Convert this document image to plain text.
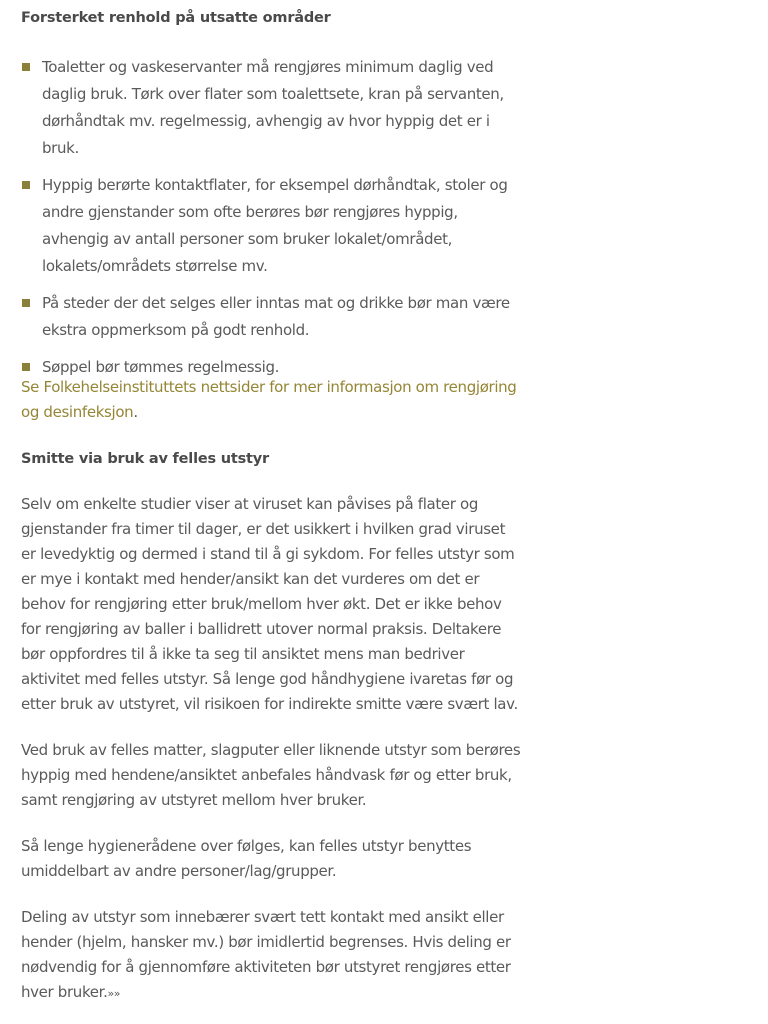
Forsterket renhold på utsatte områder
Toaletter og vaskeservanter må rengjøres minimum daglig ved daglig bruk. Tørk over flater som toalettsete, kran på servanten, dørhåndtak mv. regelmessig, avhengig av hvor hyppig det er i bruk.
Hyppig berørte kontaktflater, for eksempel dørhåndtak, stoler og andre gjenstander som ofte berøres bør rengjøres hyppig, avhengig av antall personer som bruker lokalet/området, lokalets/områdets størrelse mv.
På steder der det selges eller inntas mat og drikke bør man være ekstra oppmerksom på godt renhold.
Søppel bør tømmes regelmessig.

Se Folkehelseinstituttets nettsider for mer informasjon om rengjøring og desinfeksjon.

Smitte via bruk av felles utstyr

Selv om enkelte studier viser at viruset kan påvises på flater og gjenstander fra timer til dager, er det usikkert i hvilken grad viruset er levedyktig og dermed i stand til å gi sykdom. For felles utstyr som er mye i kontakt med hender/ansikt kan det vurderes om det er behov for rengjøring etter bruk/mellom hver økt. Det er ikke behov for rengjøring av baller i ballidrett utover normal praksis. Deltakere bør oppfordres til å ikke ta seg til ansiktet mens man bedriver aktivitet med felles utstyr. Så lenge god håndhygiene ivaretas før og etter bruk av utstyret, vil risikoen for indirekte smitte være svært lav.

Ved bruk av felles matter, slagputer eller liknende utstyr som berøres hyppig med hendene/ansiktet anbefales håndvask før og etter bruk, samt rengjøring av utstyret mellom hver bruker.

Så lenge hygienerådene over følges, kan felles utstyr benyttes umiddelbart av andre personer/lag/grupper.

Deling av utstyr som innebærer svært tett kontakt med ansikt eller hender (hjelm, hansker mv.) bør imidlertid begrenses. Hvis deling er nødvendig for å gjennomføre aktiviteten bør utstyret rengjøres etter hver bruker.»»
